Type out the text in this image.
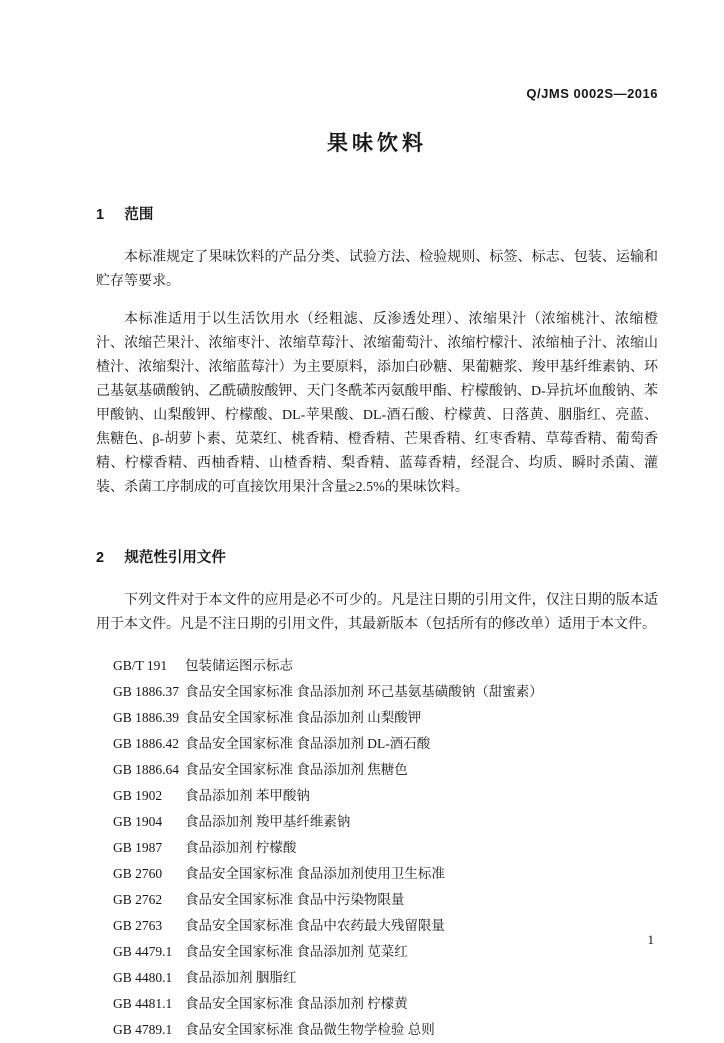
Q/JMS 0002S—2016
果味饮料
1 范围

本标准规定了果味饮料的产品分类、试验方法、检验规则、标签、标志、包装、运输和贮存等要求。

本标准适用于以生活饮用水（经粗滤、反渗透处理）、浓缩果汁（浓缩桃汁、浓缩橙汁、浓缩芒果汁、浓缩枣汁、浓缩草莓汁、浓缩葡萄汁、浓缩柠檬汁、浓缩柚子汁、浓缩山楂汁、浓缩梨汁、浓缩蓝莓汁）为主要原料，添加白砂糖、果葡糖浆、羧甲基纤维素钠、环己基氨基磺酸钠、乙酰磺胺酸钾、天门冬酰苯丙氨酸甲酯、柠檬酸钠、D-异抗坏血酸钠、苯甲酸钠、山梨酸钾、柠檬酸、DL-苹果酸、DL-酒石酸、柠檬黄、日落黄、胭脂红、亮蓝、焦糖色、β-胡萝卜素、苋菜红、桃香精、橙香精、芒果香精、红枣香精、草莓香精、葡萄香精、柠檬香精、西柚香精、山楂香精、梨香精、蓝莓香精，经混合、均质、瞬时杀菌、灌装、杀菌工序制成的可直接饮用果汁含量≥2.5%的果味饮料。

2 规范性引用文件

下列文件对于本文件的应用是必不可少的。凡是注日期的引用文件，仅注日期的版本适用于本文件。凡是不注日期的引用文件，其最新版本（包括所有的修改单）适用于本文件。

GB/T 191	包装储运图示标志
GB 1886.37 食品安全国家标准 食品添加剂 环己基氨基磺酸钠（甜蜜素）
GB 1886.39 食品安全国家标准 食品添加剂 山梨酸钾
GB 1886.42 食品安全国家标准 食品添加剂 DL-酒石酸
GB 1886.64 食品安全国家标准 食品添加剂 焦糖色
GB 1902	食品添加剂 苯甲酸钠
GB 1904	食品添加剂 羧甲基纤维素钠
GB 1987	食品添加剂 柠檬酸
GB 2760	食品安全国家标准 食品添加剂使用卫生标准
GB 2762	食品安全国家标准 食品中污染物限量
GB 2763	食品安全国家标准 食品中农药最大残留限量
GB 4479.1 食品安全国家标准 食品添加剂 苋菜红
GB 4480.1 食品添加剂 胭脂红
GB 4481.1 食品安全国家标准 食品添加剂 柠檬黄
GB 4789.1 食品安全国家标准 食品微生物学检验 总则
1
